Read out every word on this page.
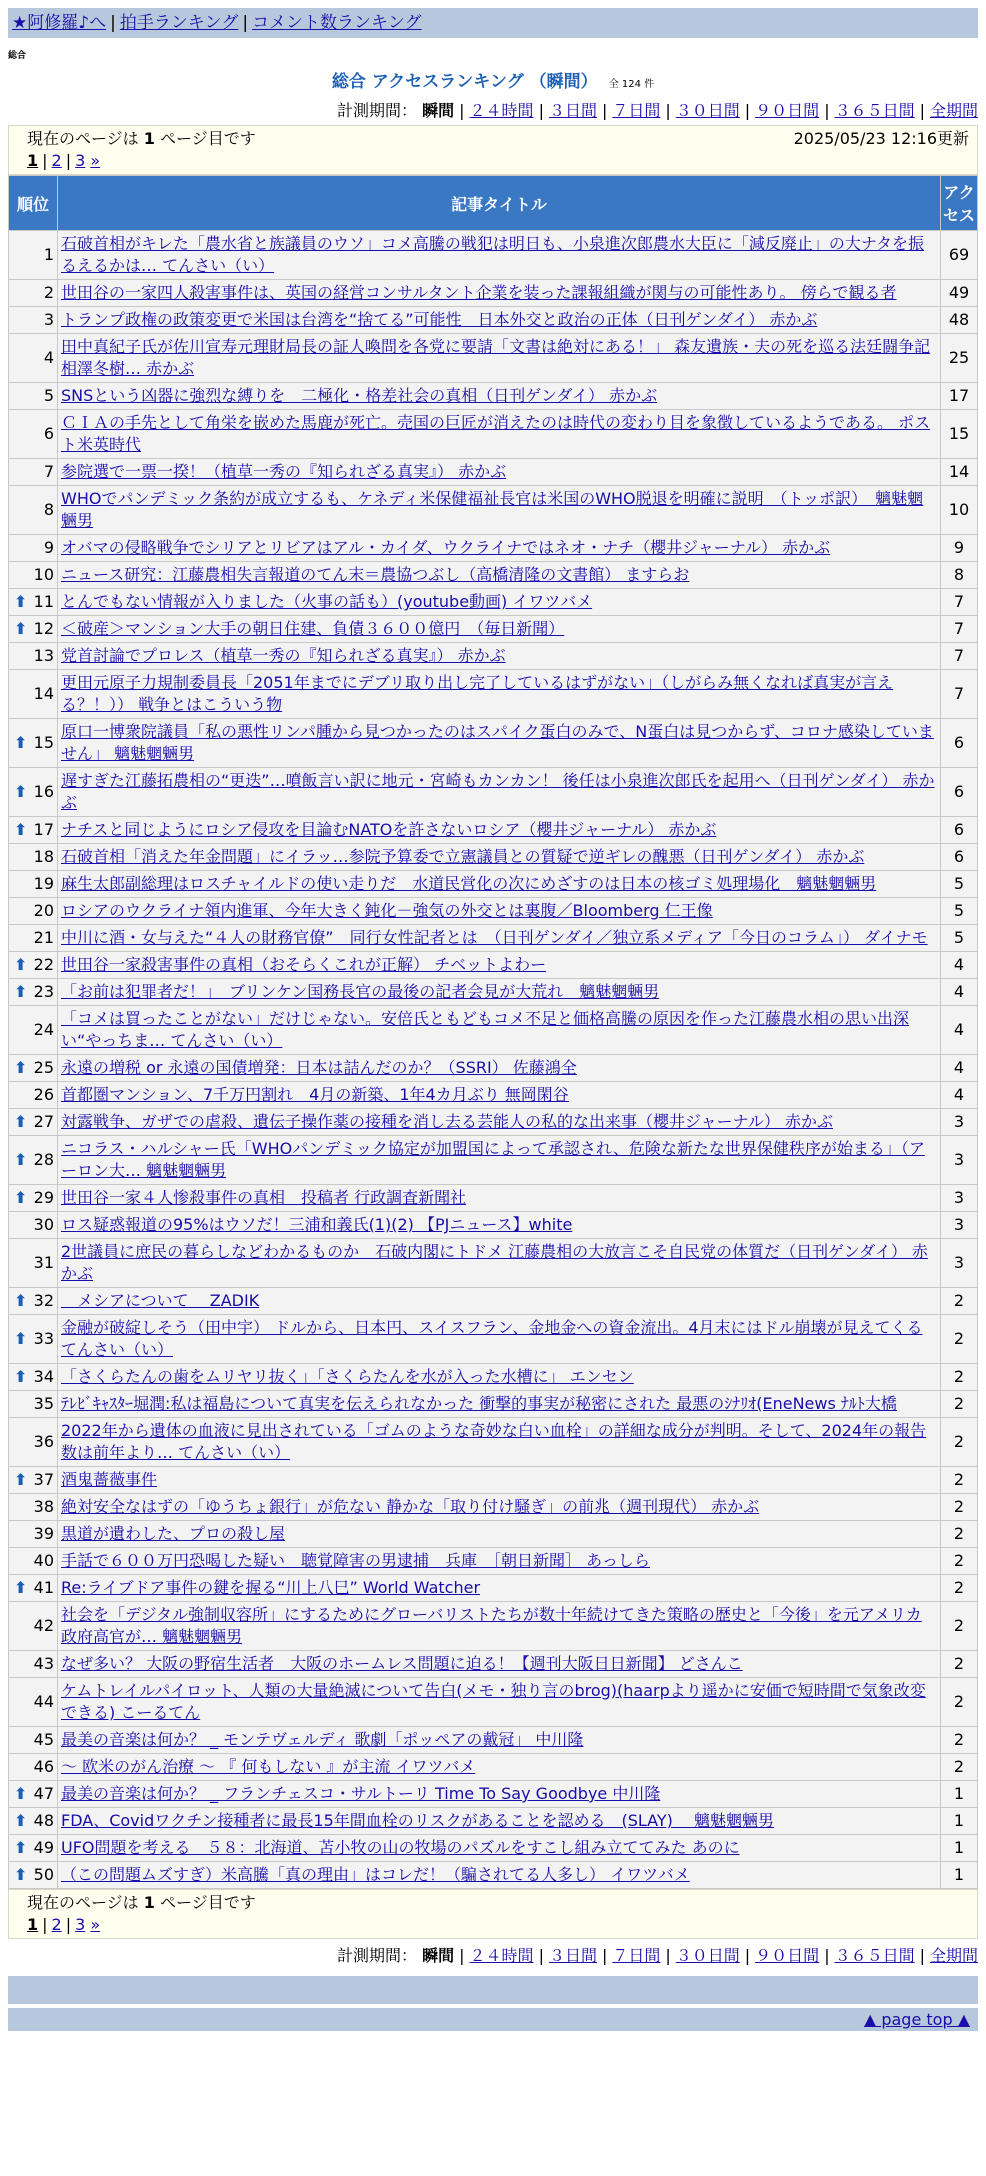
★阿修羅♪へ | 拍手ランキング | コメント数ランキング
総合
総合 アクセスランキング （瞬間） 全 124 件
計測期間： 瞬間 | ２４時間 | ３日間 | ７日間 | ３０日間 | ９０日間 | ３６５日間 | 全期間
現在のページは 1 ページ目です	2025/05/23 12:16更新
1 | 2 | 3 »
順位	記事タイトル	アクセス
1	石破首相がキレた「農水省と族議員のウソ」コメ高騰の戦犯は明日も、小泉進次郎農水大臣に「減反廃止」の大ナタを振るえるかは… てんさい（い）	69
2	世田谷の一家四人殺害事件は、英国の経営コンサルタント企業を装った課報組織が関与の可能性あり。 傍らで観る者	49
3	トランプ政権の政策変更で米国は台湾を“捨てる”可能性　日本外交と政治の正体（日刊ゲンダイ） 赤かぶ	48
4	田中真紀子氏が佐川宣寿元理財局長の証人喚問を各党に要請「文書は絶対にある！」 森友遺族・夫の死を巡る法廷闘争記相澤冬樹… 赤かぶ	25
5	SNSという凶器に強烈な縛りを　二極化・格差社会の真相（日刊ゲンダイ） 赤かぶ	17
6	ＣＩＡの手先として角栄を嵌めた馬鹿が死亡。売国の巨匠が消えたのは時代の変わり目を象徴しているようである。 ポスト米英時代	15
7	参院選で一票一揆！（植草一秀の『知られざる真実』） 赤かぶ	14
8	WHOでパンデミック条約が成立するも、ケネディ米保健福祉長官は米国のWHO脱退を明確に説明　（トッポ訳）　魑魅魍魎男	10
9	オバマの侵略戦争でシリアとリビアはアル・カイダ、ウクライナではネオ・ナチ（櫻井ジャーナル） 赤かぶ	9
10	ニュース研究：江藤農相失言報道のてん末＝農協つぶし（高橋清隆の文書館） ますらお	8

⬆ 11	とんでもない情報が入りました（火事の話も）(youtube動画) イワツバメ	7

⬆ 12	＜破産＞マンション大手の朝日住建、負債３６００億円　（毎日新聞）	7
13	党首討論でプロレス（植草一秀の『知られざる真実』） 赤かぶ	7
14	更田元原子力規制委員長「2051年までにデブリ取り出し完了しているはずがない」（しがらみ無くなれば真実が言える？！）） 戦争とはこういう物	7

⬆ 15	原口一博衆院議員「私の悪性リンパ腫から見つかったのはスパイク蛋白のみで、N蛋白は見つからず、コロナ感染していません」 魑魅魍魎男	6

⬆ 16	遅すぎた江藤拓農相の“更迭”…噴飯言い訳に地元・宮崎もカンカン！ 後任は小泉進次郎氏を起用へ（日刊ゲンダイ） 赤かぶ	6

⬆ 17	ナチスと同じようにロシア侵攻を目論むNATOを許さないロシア（櫻井ジャーナル） 赤かぶ	6
18	石破首相「消えた年金問題」にイラッ…参院予算委で立憲議員との質疑で逆ギレの醜悪（日刊ゲンダイ） 赤かぶ	6
19	麻生太郎副総理はロスチャイルドの使い走りだ　水道民営化の次にめざすのは日本の核ゴミ処理場化　魑魅魍魎男	5
20	ロシアのウクライナ領内進軍、今年大きく鈍化－強気の外交とは裏腹／Bloomberg 仁王像	5
21	中川に酒・女与えた“４人の財務官僚”　同行女性記者とは　（日刊ゲンダイ／独立系メディア「今日のコラム」） ダイナモ	5

⬆ 22	世田谷一家殺害事件の真相（おそらくこれが正解） チベットよわー	4

⬆ 23	「お前は犯罪者だ！」　ブリンケン国務長官の最後の記者会見が大荒れ　魑魅魍魎男	4
24	「コメは買ったことがない」だけじゃない。安倍氏ともどもコメ不足と価格高騰の原因を作った江藤農水相の思い出深い“やっちま… てんさい（い）	4

⬆ 25	永遠の増税 or 永遠の国債増発：日本は詰んだのか？（SSRI） 佐藤鴻全	4
26	首都圏マンション、7千万円割れ　4月の新築、1年4カ月ぶり 無岡閑谷	4

⬆ 27	対露戦争、ガザでの虐殺、遺伝子操作薬の接種を消し去る芸能人の私的な出来事（櫻井ジャーナル） 赤かぶ	3

⬆ 28	ニコラス・ハルシャー氏「WHOパンデミック協定が加盟国によって承認され、危険な新たな世界保健秩序が始まる」（アーロン大… 魑魅魍魎男	3

⬆ 29	世田谷一家４人惨殺事件の真相　投稿者 行政調査新聞社	3
30	ロス疑惑報道の95%はウソだ！三浦和義氏(1)(2) 【PJニュース】white	3
31	2世議員に庶民の暮らしなどわかるものか　石破内閣にトドメ 江藤農相の大放言こそ自民党の体質だ（日刊ゲンダイ） 赤かぶ	3

⬆ 32	　メシアについて　 ZADIK	2

⬆ 33	金融が破綻しそう（田中宇） ドルから、日本円、スイスフラン、金地金への資金流出。4月末にはドル崩壊が見えてくる てんさい（い）	2

⬆ 34	「さくらたんの歯をムリヤリ抜く」「さくらたんを水が入った水槽に」 エンセン	2
35	ﾃﾚﾋﾞｷｬｽﾀｰ堀潤:私は福島について真実を伝えられなかった 衝撃的事実が秘密にされた 最悪のｼﾅﾘｵ(EneNews ﾅﾙﾄ大橋	2
36	2022年から遺体の血液に見出されている「ゴムのような奇妙な白い血栓」の詳細な成分が判明。そして、2024年の報告数は前年より… てんさい（い）	2

⬆ 37	酒鬼薔薇事件	2
38	絶対安全なはずの「ゆうちょ銀行」が危ない 静かな「取り付け騒ぎ」の前兆（週刊現代） 赤かぶ	2
39	黒道が遺わした、プロの殺し屋	2
40	手話で６００万円恐喝した疑い　聴覚障害の男逮捕　兵庫　［朝日新聞］ あっしら	2

⬆ 41	Re:ライブドア事件の鍵を握る“川上八巳” World Watcher	2
42	社会を「デジタル強制収容所」にするためにグローバリストたちが数十年続けてきた策略の歴史と「今後」を元アメリカ政府高官が… 魑魅魍魎男	2
43	なぜ多い？ 大阪の野宿生活者　大阪のホームレス問題に迫る！【週刊大阪日日新聞】 どさんこ	2
44	ケムトレイルパイロット、人類の大量絶滅について告白(メモ・独り言のbrog)(haarpより遥かに安価で短時間で気象改変できる) こーるてん	2
45	最美の音楽は何か？ _ モンテヴェルディ 歌劇「ポッペアの戴冠」 中川隆	2
46	～ 欧米のがん治療 ～ 『 何もしない 』が主流 イワツバメ	2

⬆ 47	最美の音楽は何か？ _ フランチェスコ・サルトーリ Time To Say Goodbye 中川隆	1

⬆ 48	FDA、Covidワクチン接種者に最長15年間血栓のリスクがあることを認める　(SLAY)　 魑魅魍魎男	1

⬆ 49	UFO問題を考える　５８：北海道、苫小牧の山の牧場のパズルをすこし組み立ててみた あのに	1

⬆ 50	（この問題ムズすぎ）米高騰「真の理由」はコレだ！（騙されてる人多し） イワツバメ	1
現在のページは 1 ページ目です
1 | 2 | 3 »
計測期間： 瞬間 | ２４時間 | ３日間 | ７日間 | ３０日間 | ９０日間 | ３６５日間 | 全期間
▲ page top ▲
